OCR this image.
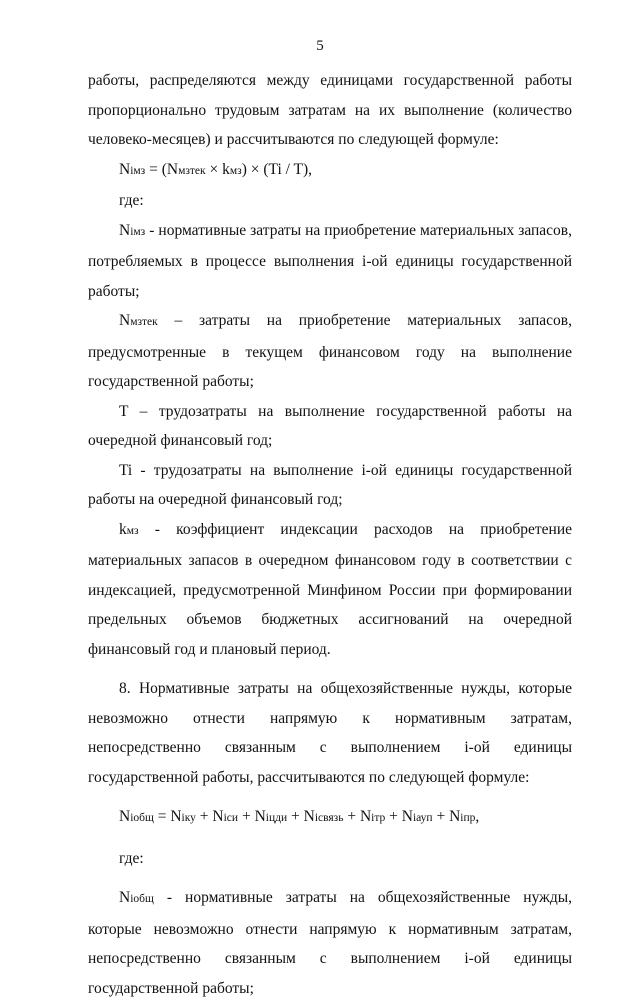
5

работы, распределяются между единицами государственной работы пропорционально трудовым затратам на их выполнение (количество человеко-месяцев) и рассчитываются по следующей формуле:

Niмз = (Nмзтек × kмз) × (Ti / T),

где:

Niмз - нормативные затраты на приобретение материальных запасов, потребляемых в процессе выполнения i-ой единицы государственной работы;

Nмзтек – затраты на приобретение материальных запасов, предусмотренные в текущем финансовом году на выполнение государственной работы;

T – трудозатраты на выполнение государственной работы на очередной финансовый год;

Ti - трудозатраты на выполнение i-ой единицы государственной работы на очередной финансовый год;

kмз - коэффициент индексации расходов на приобретение материальных запасов в очередном финансовом году в соответствии с индексацией, предусмотренной Минфином России при формировании предельных объемов бюджетных ассигнований на очередной финансовый год и плановый период.

8. Нормативные затраты на общехозяйственные нужды, которые невозможно отнести напрямую к нормативным затратам, непосредственно связанным с выполнением i-ой единицы государственной работы, рассчитываются по следующей формуле:

Niобщ = Niку + Niси + Niцди + Niсвязь + Niтр + Niауп + Niпр,

где:

Niобщ - нормативные затраты на общехозяйственные нужды, которые невозможно отнести напрямую к нормативным затратам, непосредственно связанным с выполнением i-ой единицы государственной работы;
